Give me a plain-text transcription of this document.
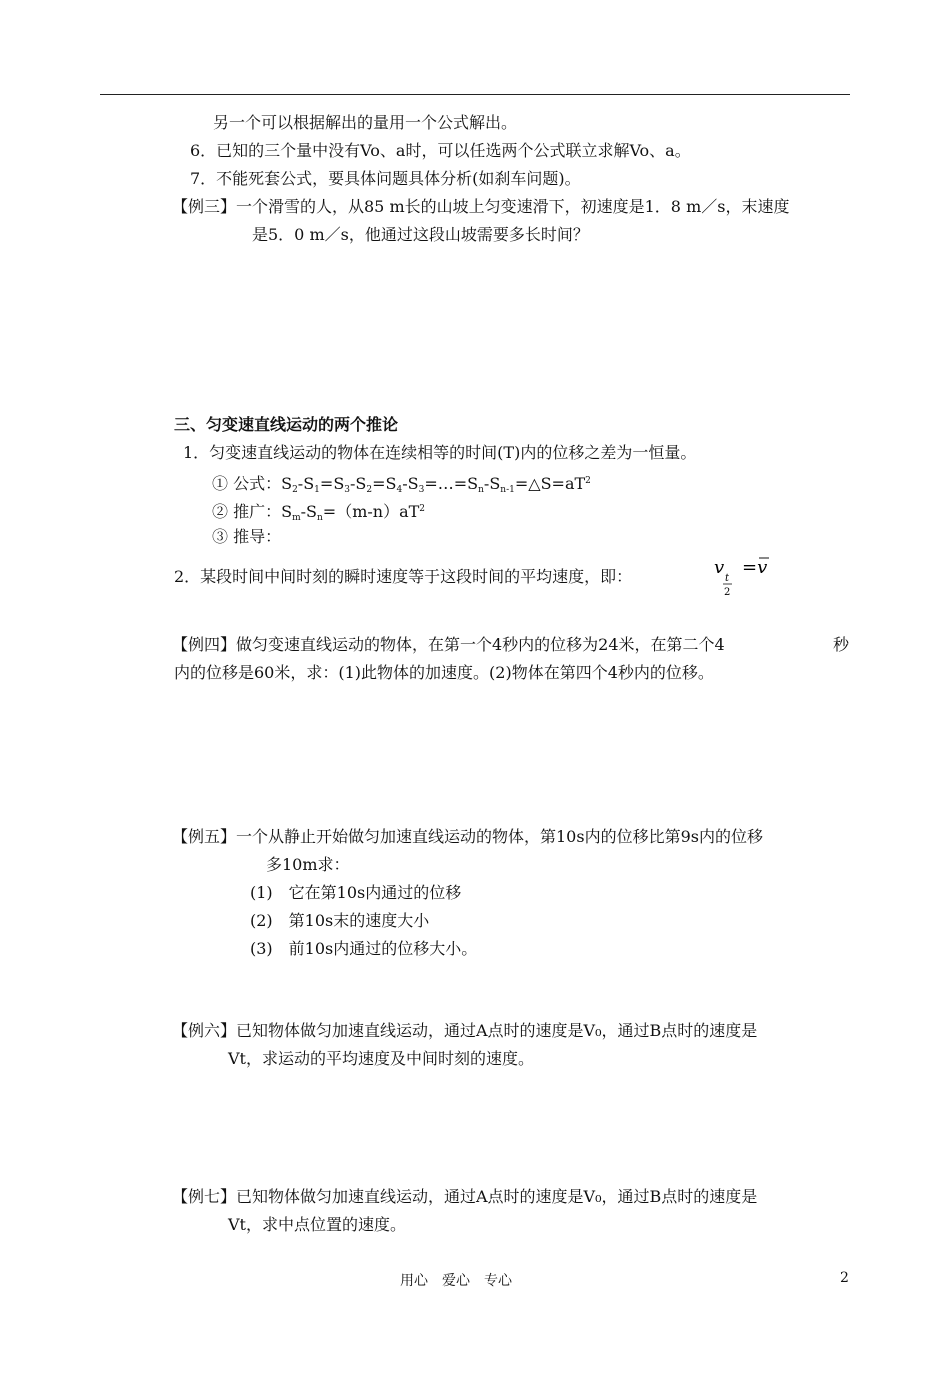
另一个可以根据解出的量用一个公式解出。
6．已知的三个量中没有Vo、a时，可以任选两个公式联立求解Vo、a。
7．不能死套公式，要具体问题具体分析(如刹车问题)。
【例三】一个滑雪的人，从85 m长的山坡上匀变速滑下，初速度是1．8 m／s，末速度
是5．0 m／s，他通过这段山坡需要多长时间？
三、匀变速直线运动的两个推论
1．匀变速直线运动的物体在连续相等的时间(T)内的位移之差为一恒量。
① 公式：$S_2-S_1=S_3-S_2=S_4-S_3=\dots=S_n-S_{n-1}=\triangle S=aT^2$
② 推广：$S_m-S_n=(m-n)aT^2$
③ 推导：
2．某段时间中间时刻的瞬时速度等于这段时间的平均速度，即：	v
t
2
=v
【例四】做匀变速直线运动的物体，在第一个4秒内的位移为24米，在第二个4	秒
内的位移是60米，求：(1)此物体的加速度。(2)物体在第四个4秒内的位移。
【例五】一个从静止开始做匀加速直线运动的物体，第10s内的位移比第9s内的位移
多10m求：
(1)　它在第10s内通过的位移
(2)　第10s末的速度大小
(3)　前10s内通过的位移大小。
【例六】已知物体做匀加速直线运动，通过A点时的速度是V₀，通过B点时的速度是
Vt，求运动的平均速度及中间时刻的速度。
【例七】已知物体做匀加速直线运动，通过A点时的速度是V₀，通过B点时的速度是
Vt，求中点位置的速度。
用心　爱心　专心	2
